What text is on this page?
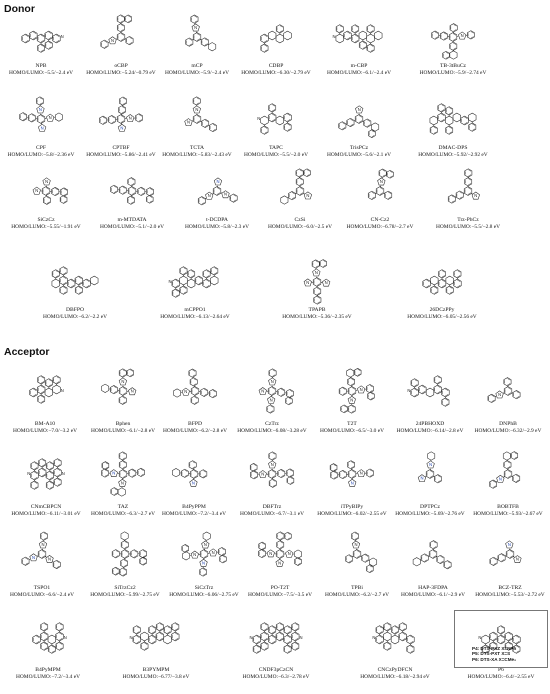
Donor
Acceptor
N
NPB
HOMO/LUMO:−5.5/−2.4 eV
N
oCBP
HOMO/LUMO:−5.24/−0.79 eV
N
mCP
HOMO/LUMO:−5.9/−2.4 eV
CDBP
HOMO/LUMO:−6.30/−2.79 eV
N
m-CBP
HOMO/LUMO:−6.1/−2.4 eV
N
TB-3tBuCz
HOMO/LUMO:−5.9/−2.74 eV
N
N
N
CPF
HOMO/LUMO:−5.8/−2.36 eV
N
N
CPTBF
HOMO/LUMO:−5.86/−2.41 eV
N
N
TCTA
HOMO/LUMO:−5.83/−2.43 eV
N
TAPC
HOMO/LUMO:−5.5/−2.0 eV
N
TrisPCz
HOMO/LUMO:−5.6/−2.1 eV
DMAC-DPS
HOMO/LUMO:−5.92/−2.92 eV
N
N
SiCzCz
HOMO/LUMO:−5.55/−1.91 eV
m-MTDATA
HOMO/LUMO:−5.1/−2.0 eV
N
N
N
t-DCDPA
HOMO/LUMO:−5.8/−2.3 eV
N
CzSi
HOMO/LUMO:−6.0/−2.5 eV
N
CN-Cz2
HOMO/LUMO:−6.78/−2.7 eV
N
Trz-PhCz
HOMO/LUMO:−5.5/−2.8 eV
DBFPO
HOMO/LUMO:−6.2/−2.2 eV
N
mCPPO1
HOMO/LUMO:−6.13/−2.64 eV
N
N
N
TPAPB
HOMO/LUMO:−5.36/−2.35 eV
26DCzPPy
HOMO/LUMO:−6.05/−2.56 eV
N
BM-A10
HOMO/LUMO:−7.0/−3.2 eV
N
N
Bphen
HOMO/LUMO:−6.1/−2.8 eV
N
BFPD
HOMO/LUMO:−6.2/−2.8 eV
N
N
N
CzTrz
HOMO/LUMO:−6.08/−3.28 eV
N
N
T2T
HOMO/LUMO:−6.5/−3.0 eV
N
24PBHOXD
HOMO/LUMO:−6.14/−2.8 eV
N
DNPhB
HOMO/LUMO:−6.32/−2.9 eV
N	N
CNmCBPCN
HOMO/LUMO:−6.11/−3.01 eV
N
N
TAZ
HOMO/LUMO:−6.3/−2.7 eV
N
B4PyPPM
HOMO/LUMO:−7.2/−3.4 eV
N
N
DBFTrz
HOMO/LUMO:−6.7/−3.1 eV
N
N
iTPyBIPy
HOMO/LUMO:−6.02/−2.55 eV
N
N
DPTPCz
HOMO/LUMO:−5.69/−2.76 eV
N
BOBTFB
HOMO/LUMO:−5.93/−2.67 eV
N
N
N
TSPO1
HOMO/LUMO:−6.6/−2.4 eV
SiTrzCz2
HOMO/LUMO:−5.99/−2.75 eV
N
N
N
N
SiCzTrz
HOMO/LUMO:−6.06/−2.75 eV
N
N
N
PO-T2T
HOMO/LUMO:−7.5/−3.5 eV
N
TPBi
HOMO/LUMO:−6.2/−2.7 eV
HAP-3FDPA
HOMO/LUMO:−6.1/−2.9 eV
N
N
BCZ-TRZ
HOMO/LUMO:−5.53/−2.72 eV
N
B4PyMPM
HOMO/LUMO:−7.2/−3.4 eV
N
B3PYMPM
HOMO/LUMO:−6.77/−3.8 eV
N	N
CNDF3pCzCN
HOMO/LUMO:−6.3/−2.78 eV
N
CNCzPyDFCN
HOMO/LUMO:−6.18/−2.94 eV
N
P6
HOMO/LUMO:−6.4/−2.55 eV
P4: DTS-PXZ X=NPh
P5: DTS-PXT X=S
P6: DTS-XA X=CMe₂
